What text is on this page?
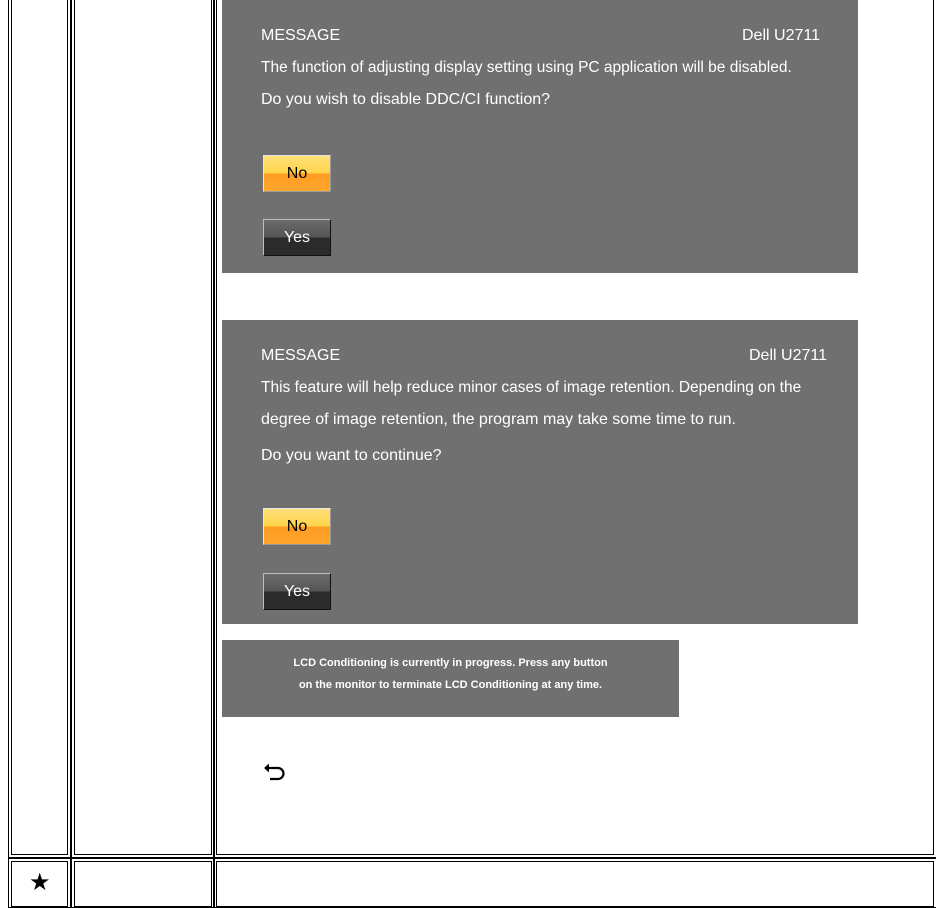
★
MESSAGE	Dell U2711
The function of adjusting display setting using PC application will be disabled.
Do you wish to disable DDC/CI function?
No
Yes
MESSAGE	Dell U2711
This feature will help reduce minor cases of image retention. Depending on the
degree of image retention, the program may take some time to run.
Do you want to continue?
No
Yes
LCD Conditioning is currently in progress. Press any button
on the monitor to terminate LCD Conditioning at any time.
